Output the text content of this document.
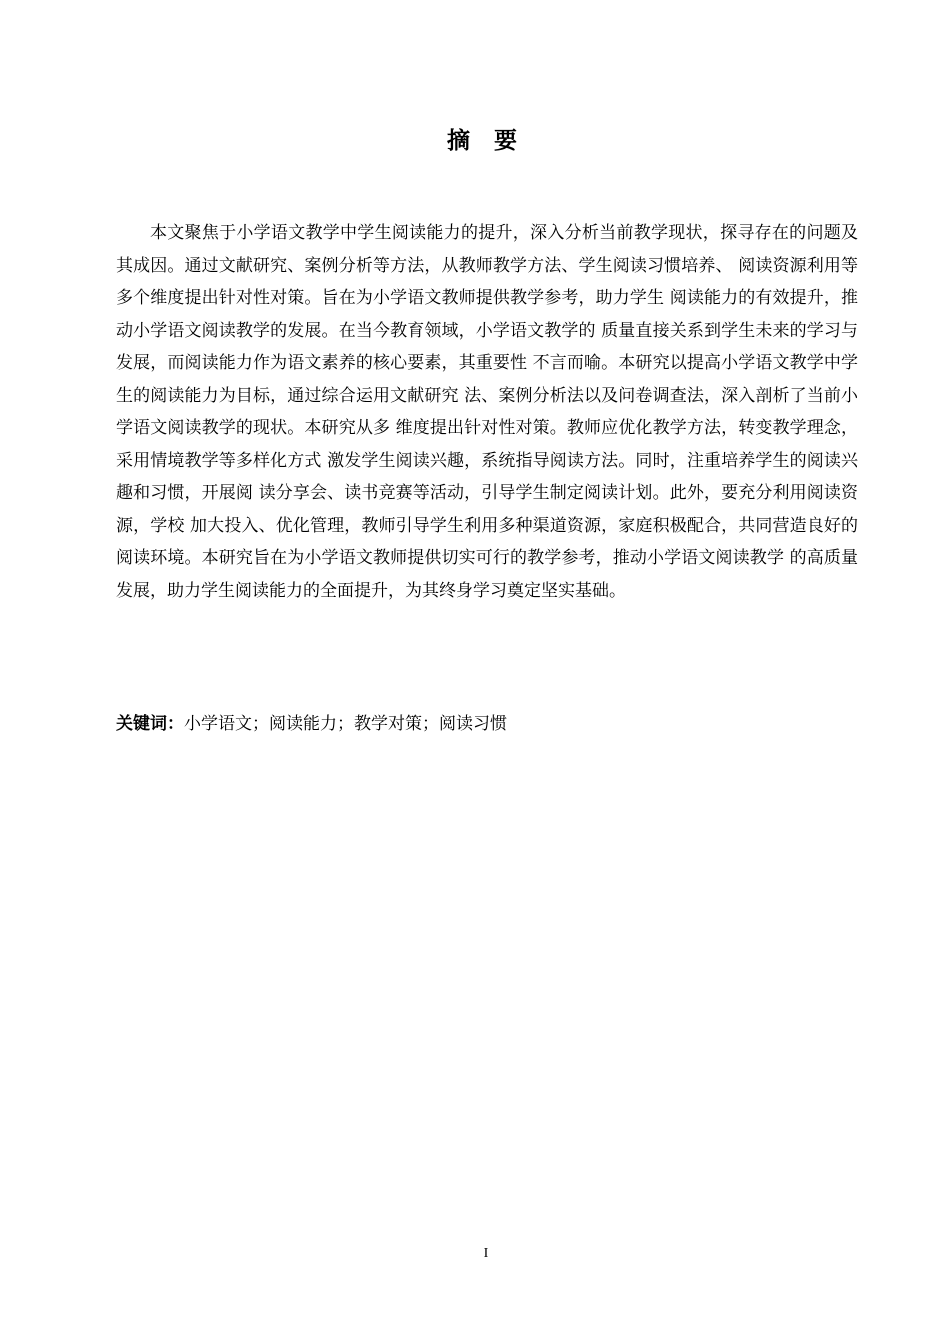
摘 要

本文聚焦于小学语文教学中学生阅读能力的提升，深入分析当前教学现状，探寻存在的问题及其成因。通过文献研究、案例分析等方法，从教师教学方法、学生阅读习惯培养、 阅读资源利用等多个维度提出针对性对策。旨在为小学语文教师提供教学参考，助力学生 阅读能力的有效提升，推动小学语文阅读教学的发展。在当今教育领域，小学语文教学的 质量直接关系到学生未来的学习与发展，而阅读能力作为语文素养的核心要素，其重要性 不言而喻。本研究以提高小学语文教学中学生的阅读能力为目标，通过综合运用文献研究 法、案例分析法以及问卷调查法，深入剖析了当前小学语文阅读教学的现状。本研究从多 维度提出针对性对策。教师应优化教学方法，转变教学理念，采用情境教学等多样化方式 激发学生阅读兴趣，系统指导阅读方法。同时，注重培养学生的阅读兴趣和习惯，开展阅 读分享会、读书竞赛等活动，引导学生制定阅读计划。此外，要充分利用阅读资源，学校 加大投入、优化管理，教师引导学生利用多种渠道资源，家庭积极配合，共同营造良好的 阅读环境。本研究旨在为小学语文教师提供切实可行的教学参考，推动小学语文阅读教学 的高质量发展，助力学生阅读能力的全面提升，为其终身学习奠定坚实基础。

关键词：小学语文；阅读能力；教学对策；阅读习惯

I
